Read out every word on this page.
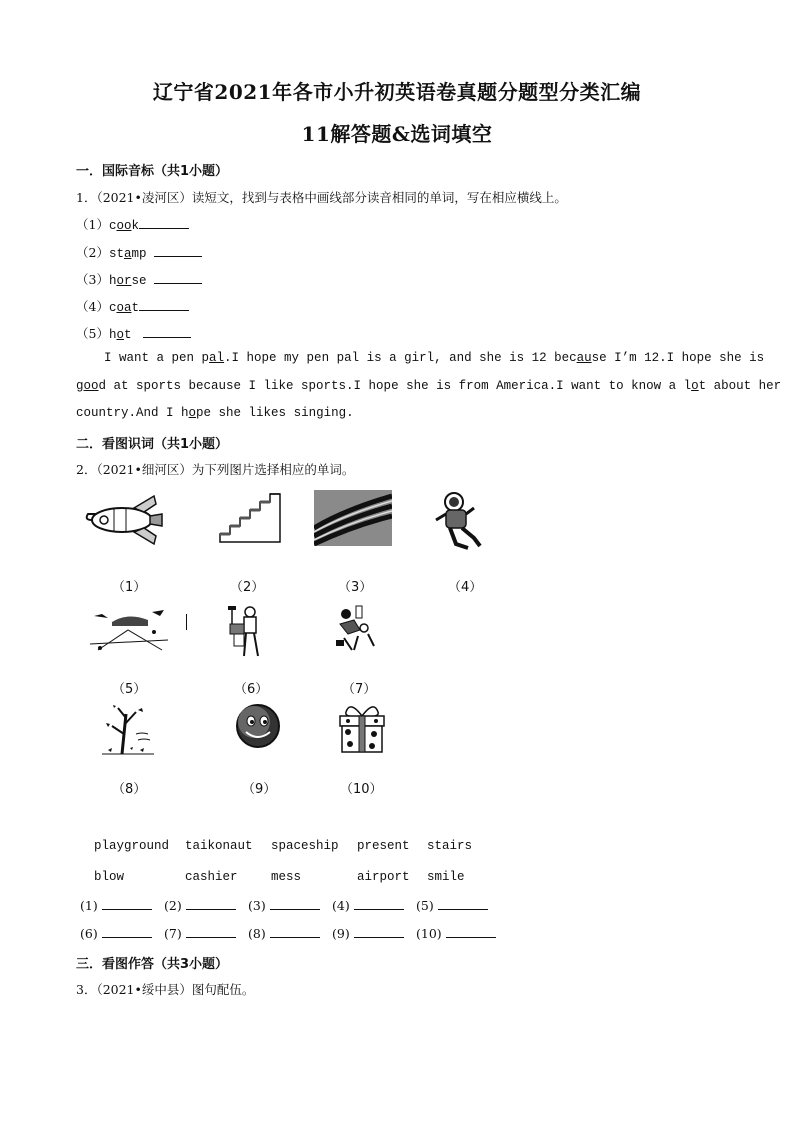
辽宁省2021年各市小升初英语卷真题分题型分类汇编
11解答题&选词填空
一．国际音标（共1小题）
1．（2021•凌河区）读短文，找到与表格中画线部分读音相同的单词，写在相应横线上。
（1）cook
（2）stamp
（3）horse
（4）coat
（5）hot
I want a pen pal.I hope my pen pal is a girl, and she is 12 because I’m 12.I hope she is
good at sports because I like sports.I hope she is from America.I want to know a lot about her
country.And I hope she likes singing.
二．看图识词（共1小题）
2．（2021•细河区）为下列图片选择相应的单词。
（1）	（2）	（3）	（4）
（5）	（6）	（7）
（8）	（9）	（10）
playground taikonaut spaceship present stairs
blow	cashier	mess	airport smile
(1)	(2)	(3)	(4)	(5)
(6)	(7)	(8)	(9)	(10)
三．看图作答（共3小题）
3．（2021•绥中县）图句配伍。
